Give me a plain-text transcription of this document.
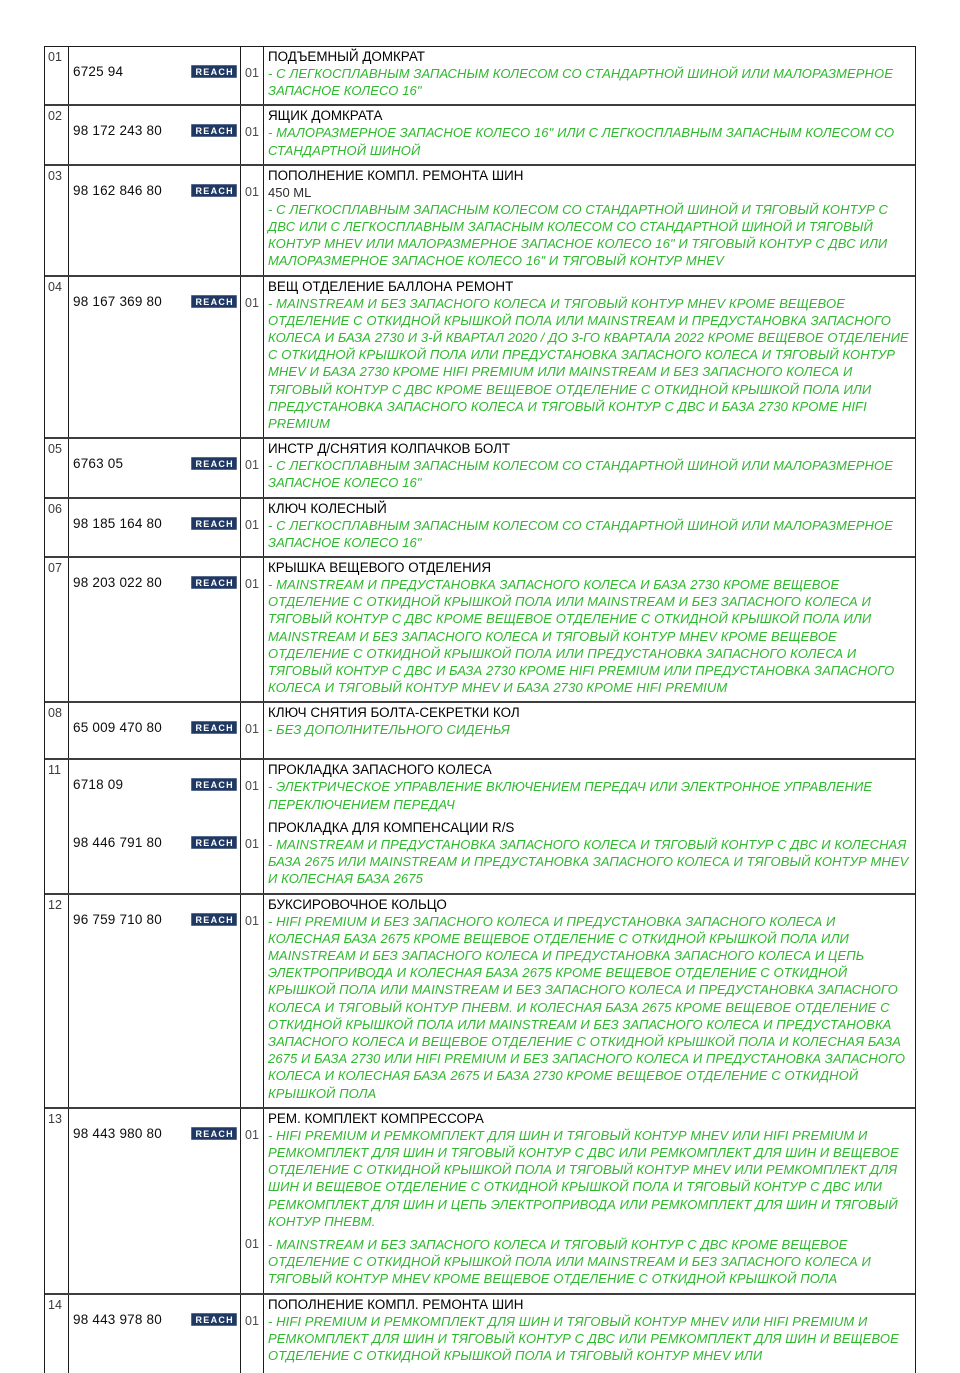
01
6725 94	REACH 01
ПОДЪЕМНЫЙ ДОМКРАТ
- С ЛЕГКОСПЛАВНЫМ ЗАПАСНЫМ КОЛЕСОМ СО СТАНДАРТНОЙ ШИНОЙ ИЛИ МАЛОРАЗМЕРНОЕ ЗАПАСНОЕ КОЛЕСО 16"
02
98 172 243 80	REACH 01
ЯЩИК ДОМКРАТА
- МАЛОРАЗМЕРНОЕ ЗАПАСНОЕ КОЛЕСО 16" ИЛИ С ЛЕГКОСПЛАВНЫМ ЗАПАСНЫМ КОЛЕСОМ СО СТАНДАРТНОЙ ШИНОЙ
03
98 162 846 80	REACH 01
ПОПОЛНЕНИЕ КОМПЛ. РЕМОНТА ШИН
450 ML
- С ЛЕГКОСПЛАВНЫМ ЗАПАСНЫМ КОЛЕСОМ СО СТАНДАРТНОЙ ШИНОЙ И ТЯГОВЫЙ КОНТУР С ДВС ИЛИ С ЛЕГКОСПЛАВНЫМ ЗАПАСНЫМ КОЛЕСОМ СО СТАНДАРТНОЙ ШИНОЙ И ТЯГОВЫЙ КОНТУР MHEV ИЛИ МАЛОРАЗМЕРНОЕ ЗАПАСНОЕ КОЛЕСО 16" И ТЯГОВЫЙ КОНТУР С ДВС ИЛИ МАЛОРАЗМЕРНОЕ ЗАПАСНОЕ КОЛЕСО 16" И ТЯГОВЫЙ КОНТУР MHEV
04
98 167 369 80	REACH 01
ВЕЩ ОТДЕЛЕНИЕ БАЛЛОНА РЕМОНТ
- MAINSTREAM И БЕЗ ЗАПАСНОГО КОЛЕСА И ТЯГОВЫЙ КОНТУР MHEV КРОМЕ ВЕЩЕВОЕ ОТДЕЛЕНИЕ С ОТКИДНОЙ КРЫШКОЙ ПОЛА ИЛИ MAINSTREAM И ПРЕДУСТАНОВКА ЗАПАСНОГО КОЛЕСА И БАЗА 2730 И 3-Й КВАРТАЛ 2020 / ДО 3-ГО КВАРТАЛА 2022 КРОМЕ ВЕЩЕВОЕ ОТДЕЛЕНИЕ С ОТКИДНОЙ КРЫШКОЙ ПОЛА ИЛИ ПРЕДУСТАНОВКА ЗАПАСНОГО КОЛЕСА И ТЯГОВЫЙ КОНТУР MHEV И БАЗА 2730 КРОМЕ HIFI PREMIUM ИЛИ MAINSTREAM И БЕЗ ЗАПАСНОГО КОЛЕСА И ТЯГОВЫЙ КОНТУР С ДВС КРОМЕ ВЕЩЕВОЕ ОТДЕЛЕНИЕ С ОТКИДНОЙ КРЫШКОЙ ПОЛА ИЛИ ПРЕДУСТАНОВКА ЗАПАСНОГО КОЛЕСА И ТЯГОВЫЙ КОНТУР С ДВС И БАЗА 2730 КРОМЕ HIFI PREMIUM
05
6763 05	REACH 01
ИНСТР Д/СНЯТИЯ КОЛПАЧКОВ БОЛТ
- С ЛЕГКОСПЛАВНЫМ ЗАПАСНЫМ КОЛЕСОМ СО СТАНДАРТНОЙ ШИНОЙ ИЛИ МАЛОРАЗМЕРНОЕ ЗАПАСНОЕ КОЛЕСО 16"
06
98 185 164 80	REACH 01
КЛЮЧ КОЛЕСНЫЙ
- С ЛЕГКОСПЛАВНЫМ ЗАПАСНЫМ КОЛЕСОМ СО СТАНДАРТНОЙ ШИНОЙ ИЛИ МАЛОРАЗМЕРНОЕ ЗАПАСНОЕ КОЛЕСО 16"
07
98 203 022 80	REACH 01
КРЫШКА ВЕЩЕВОГО ОТДЕЛЕНИЯ
- MAINSTREAM И ПРЕДУСТАНОВКА ЗАПАСНОГО КОЛЕСА И БАЗА 2730 КРОМЕ ВЕЩЕВОЕ ОТДЕЛЕНИЕ С ОТКИДНОЙ КРЫШКОЙ ПОЛА ИЛИ MAINSTREAM И БЕЗ ЗАПАСНОГО КОЛЕСА И ТЯГОВЫЙ КОНТУР С ДВС КРОМЕ ВЕЩЕВОЕ ОТДЕЛЕНИЕ С ОТКИДНОЙ КРЫШКОЙ ПОЛА ИЛИ MAINSTREAM И БЕЗ ЗАПАСНОГО КОЛЕСА И ТЯГОВЫЙ КОНТУР MHEV КРОМЕ ВЕЩЕВОЕ ОТДЕЛЕНИЕ С ОТКИДНОЙ КРЫШКОЙ ПОЛА ИЛИ ПРЕДУСТАНОВКА ЗАПАСНОГО КОЛЕСА И ТЯГОВЫЙ КОНТУР С ДВС И БАЗА 2730 КРОМЕ HIFI PREMIUM ИЛИ ПРЕДУСТАНОВКА ЗАПАСНОГО КОЛЕСА И ТЯГОВЫЙ КОНТУР MHEV И БАЗА 2730 КРОМЕ HIFI PREMIUM
08
65 009 470 80	REACH 01
КЛЮЧ СНЯТИЯ БОЛТА-СЕКРЕТКИ КОЛ
- БЕЗ ДОПОЛНИТЕЛЬНОГО СИДЕНЬЯ
11
6718 09	REACH 01
ПРОКЛАДКА ЗАПАСНОГО КОЛЕСА
- ЭЛЕКТРИЧЕСКОЕ УПРАВЛЕНИЕ ВКЛЮЧЕНИЕМ ПЕРЕДАЧ ИЛИ ЭЛЕКТРОННОЕ УПРАВЛЕНИЕ ПЕРЕКЛЮЧЕНИЕМ ПЕРЕДАЧ
98 446 791 80	REACH 01
ПРОКЛАДКА ДЛЯ КОМПЕНСАЦИИ R/S
- MAINSTREAM И ПРЕДУСТАНОВКА ЗАПАСНОГО КОЛЕСА И ТЯГОВЫЙ КОНТУР С ДВС И КОЛЕСНАЯ БАЗА 2675 ИЛИ MAINSTREAM И ПРЕДУСТАНОВКА ЗАПАСНОГО КОЛЕСА И ТЯГОВЫЙ КОНТУР MHEV И КОЛЕСНАЯ БАЗА 2675
12
96 759 710 80	REACH 01
БУКСИРОВОЧНОЕ КОЛЬЦО
- HIFI PREMIUM И БЕЗ ЗАПАСНОГО КОЛЕСА И ПРЕДУСТАНОВКА ЗАПАСНОГО КОЛЕСА И КОЛЕСНАЯ БАЗА 2675 КРОМЕ ВЕЩЕВОЕ ОТДЕЛЕНИЕ С ОТКИДНОЙ КРЫШКОЙ ПОЛА ИЛИ MAINSTREAM И БЕЗ ЗАПАСНОГО КОЛЕСА И ПРЕДУСТАНОВКА ЗАПАСНОГО КОЛЕСА И ЦЕПЬ ЭЛЕКТРОПРИВОДА И КОЛЕСНАЯ БАЗА 2675 КРОМЕ ВЕЩЕВОЕ ОТДЕЛЕНИЕ С ОТКИДНОЙ КРЫШКОЙ ПОЛА ИЛИ MAINSTREAM И БЕЗ ЗАПАСНОГО КОЛЕСА И ПРЕДУСТАНОВКА ЗАПАСНОГО КОЛЕСА И ТЯГОВЫЙ КОНТУР ПНЕВМ. И КОЛЕСНАЯ БАЗА 2675 КРОМЕ ВЕЩЕВОЕ ОТДЕЛЕНИЕ С ОТКИДНОЙ КРЫШКОЙ ПОЛА ИЛИ MAINSTREAM И БЕЗ ЗАПАСНОГО КОЛЕСА И ПРЕДУСТАНОВКА ЗАПАСНОГО КОЛЕСА И ВЕЩЕВОЕ ОТДЕЛЕНИЕ С ОТКИДНОЙ КРЫШКОЙ ПОЛА И КОЛЕСНАЯ БАЗА 2675 И БАЗА 2730 ИЛИ HIFI PREMIUM И БЕЗ ЗАПАСНОГО КОЛЕСА И ПРЕДУСТАНОВКА ЗАПАСНОГО КОЛЕСА И КОЛЕСНАЯ БАЗА 2675 И БАЗА 2730 КРОМЕ ВЕЩЕВОЕ ОТДЕЛЕНИЕ С ОТКИДНОЙ КРЫШКОЙ ПОЛА
13
98 443 980 80	REACH 01
РЕМ. КОМПЛЕКТ КОМПРЕССОРА
- HIFI PREMIUM И РЕМКОМПЛЕКТ ДЛЯ ШИН И ТЯГОВЫЙ КОНТУР MHEV ИЛИ HIFI PREMIUM И РЕМКОМПЛЕКТ ДЛЯ ШИН И ТЯГОВЫЙ КОНТУР С ДВС ИЛИ РЕМКОМПЛЕКТ ДЛЯ ШИН И ВЕЩЕВОЕ ОТДЕЛЕНИЕ С ОТКИДНОЙ КРЫШКОЙ ПОЛА И ТЯГОВЫЙ КОНТУР MHEV ИЛИ РЕМКОМПЛЕКТ ДЛЯ ШИН И ВЕЩЕВОЕ ОТДЕЛЕНИЕ С ОТКИДНОЙ КРЫШКОЙ ПОЛА И ТЯГОВЫЙ КОНТУР С ДВС ИЛИ РЕМКОМПЛЕКТ ДЛЯ ШИН И ЦЕПЬ ЭЛЕКТРОПРИВОДА ИЛИ РЕМКОМПЛЕКТ ДЛЯ ШИН И ТЯГОВЫЙ КОНТУР ПНЕВМ.
01 - MAINSTREAM И БЕЗ ЗАПАСНОГО КОЛЕСА И ТЯГОВЫЙ КОНТУР С ДВС КРОМЕ ВЕЩЕВОЕ ОТДЕЛЕНИЕ С ОТКИДНОЙ КРЫШКОЙ ПОЛА ИЛИ MAINSTREAM И БЕЗ ЗАПАСНОГО КОЛЕСА И ТЯГОВЫЙ КОНТУР MHEV КРОМЕ ВЕЩЕВОЕ ОТДЕЛЕНИЕ С ОТКИДНОЙ КРЫШКОЙ ПОЛА
14
98 443 978 80	REACH 01
ПОПОЛНЕНИЕ КОМПЛ. РЕМОНТА ШИН
- HIFI PREMIUM И РЕМКОМПЛЕКТ ДЛЯ ШИН И ТЯГОВЫЙ КОНТУР MHEV ИЛИ HIFI PREMIUM И РЕМКОМПЛЕКТ ДЛЯ ШИН И ТЯГОВЫЙ КОНТУР С ДВС ИЛИ РЕМКОМПЛЕКТ ДЛЯ ШИН И ВЕЩЕВОЕ ОТДЕЛЕНИЕ С ОТКИДНОЙ КРЫШКОЙ ПОЛА И ТЯГОВЫЙ КОНТУР MHEV ИЛИ
